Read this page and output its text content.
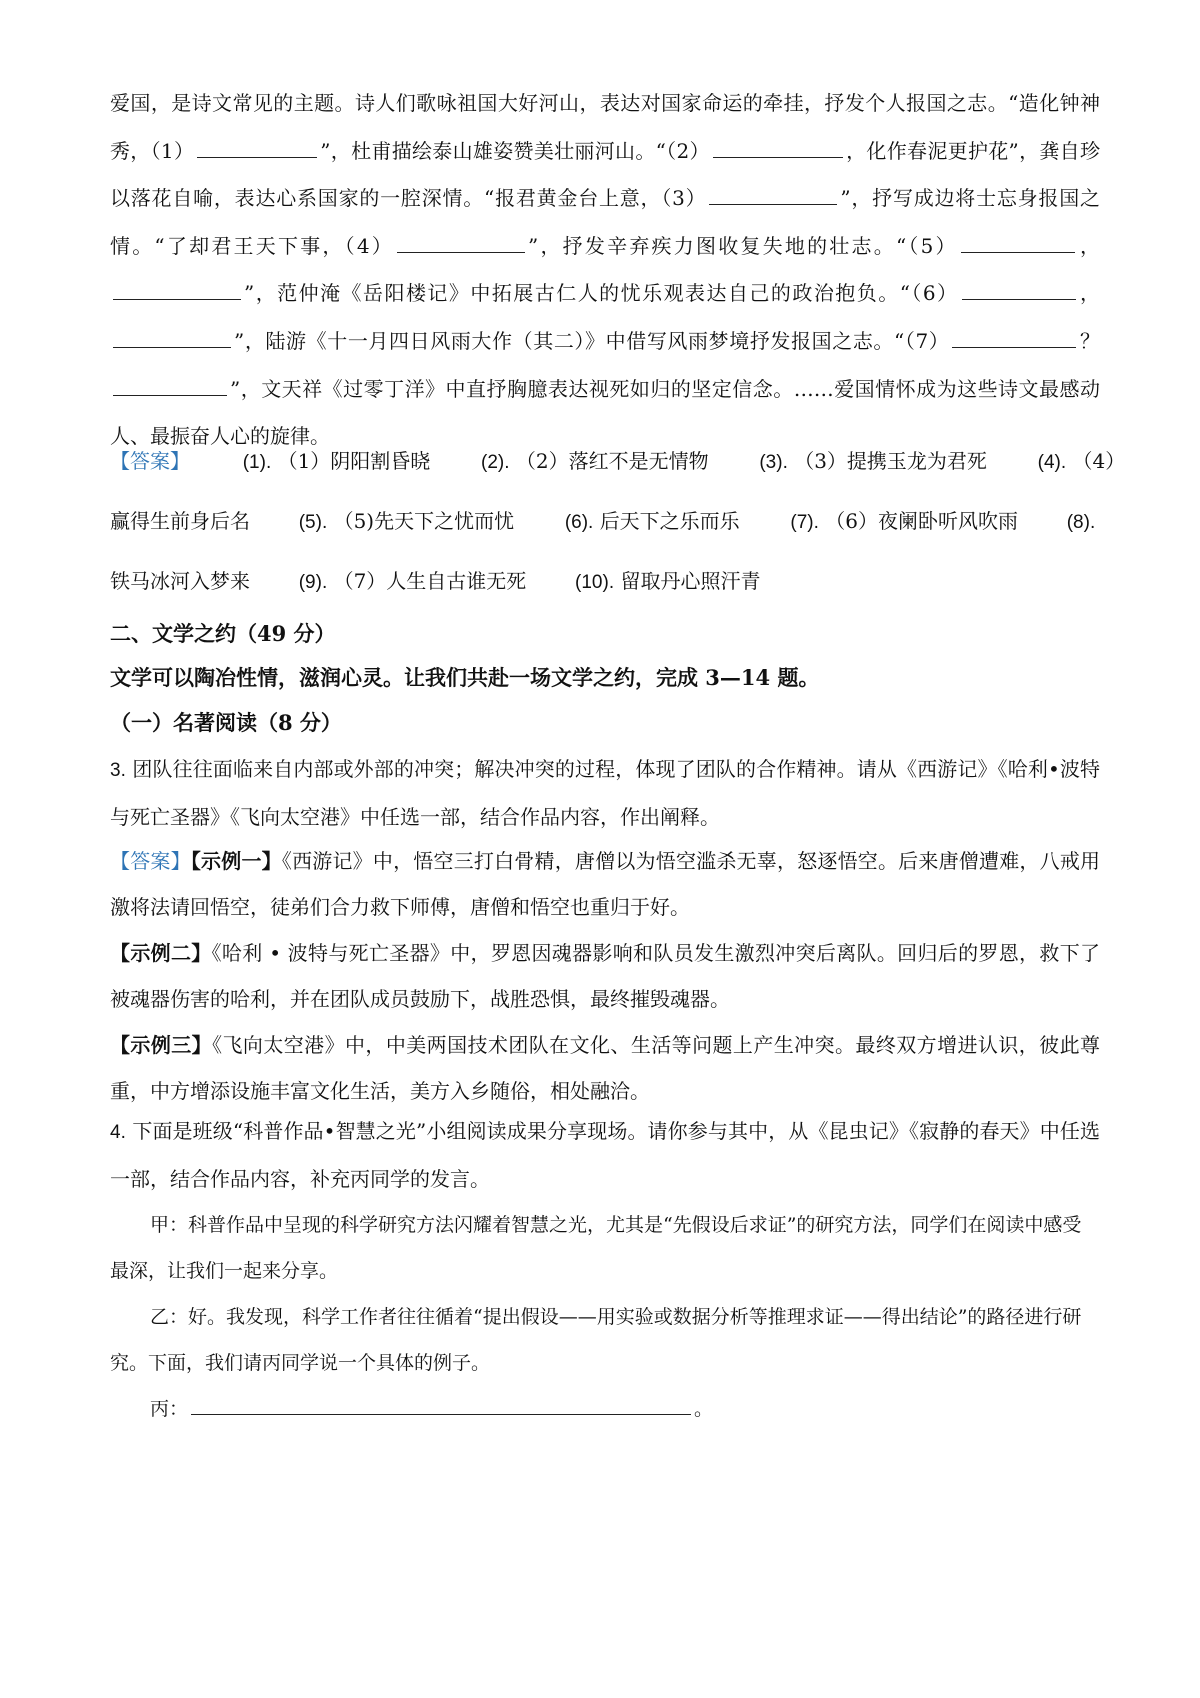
爱国，是诗文常见的主题。诗人们歌咏祖国大好河山，表达对国家命运的牵挂，抒发个人报国之志。“造化钟神秀，（1）	”，杜甫描绘泰山雄姿赞美壮丽河山。“（2）	，化作春泥更护花”，龚自珍以落花自喻，表达心系国家的一腔深情。“报君黄金台上意，（3）	”，抒写成边将士忘身报国之情。“了却君王天下事，（4）	”，抒发辛弃疾力图收复失地的壮志。“（5）	，”，范仲淹《岳阳楼记》中拓展古仁人的忧乐观表达自己的政治抱负。“（6）	，”，陆游《十一月四日风雨大作（其二）》中借写风雨梦境抒发报国之志。“（7）	？”，文天祥《过零丁洋》中直抒胸臆表达视死如归的坚定信念。……爱国情怀成为这些诗文最感动人、最振奋人心的旋律。

【答案】	(1). （1）阴阳割昏晓	(2). （2）落红不是无情物	(3). （3）提携玉龙为君死	(4). （4）
赢得生前身后名	(5). （5)先天下之忧而忧	(6). 后天下之乐而乐	(7). （6）夜阑卧听风吹雨	(8).
铁马冰河入梦来	(9). （7）人生自古谁无死	(10). 留取丹心照汗青
二、文学之约（49 分）
文学可以陶冶性情，滋润心灵。让我们共赴一场文学之约，完成 3—14 题。
（一）名著阅读（8 分）

3. 团队往往面临来自内部或外部的冲突；解决冲突的过程，体现了团队的合作精神。请从《西游记》《哈利•波特与死亡圣器》《飞向太空港》中任选一部，结合作品内容，作出阐释。

【答案】【示例一】《西游记》中，悟空三打白骨精，唐僧以为悟空滥杀无辜，怒逐悟空。后来唐僧遭难，八戒用激将法请回悟空，徒弟们合力救下师傅，唐僧和悟空也重归于好。

【示例二】《哈利 • 波特与死亡圣器》中，罗恩因魂器影响和队员发生激烈冲突后离队。回归后的罗恩，救下了被魂器伤害的哈利，并在团队成员鼓励下，战胜恐惧，最终摧毁魂器。

【示例三】《飞向太空港》中，中美两国技术团队在文化、生活等问题上产生冲突。最终双方增进认识，彼此尊重，中方增添设施丰富文化生活，美方入乡随俗，相处融洽。

4. 下面是班级“科普作品•智慧之光”小组阅读成果分享现场。请你参与其中，从《昆虫记》《寂静的春天》中任选一部，结合作品内容，补充丙同学的发言。

甲：科普作品中呈现的科学研究方法闪耀着智慧之光，尤其是“先假设后求证”的研究方法，同学们在阅读中感受最深，让我们一起来分享。

乙：好。我发现，科学工作者往往循着“提出假设——用实验或数据分析等推理求证——得出结论”的路径进行研究。下面，我们请丙同学说一个具体的例子。

丙：	。
